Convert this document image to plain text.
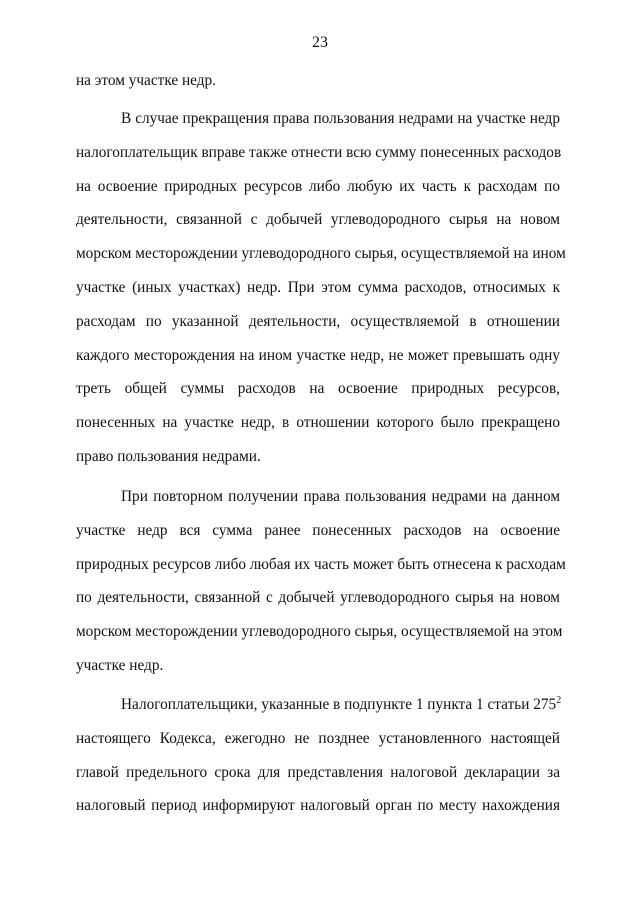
23
на этом участке недр.
В случае прекращения права пользования недрами на участке недр
налогоплательщик вправе также отнести всю сумму понесенных расходов
на освоение природных ресурсов либо любую их часть к расходам по
деятельности, связанной с добычей углеводородного сырья на новом
морском месторождении углеводородного сырья, осуществляемой на ином
участке (иных участках) недр. При этом сумма расходов, относимых к
расходам по указанной деятельности, осуществляемой в отношении
каждого месторождения на ином участке недр, не может превышать одну
треть общей суммы расходов на освоение природных ресурсов,
понесенных на участке недр, в отношении которого было прекращено
право пользования недрами.
При повторном получении права пользования недрами на данном
участке недр вся сумма ранее понесенных расходов на освоение
природных ресурсов либо любая их часть может быть отнесена к расходам
по деятельности, связанной с добычей углеводородного сырья на новом
морском месторождении углеводородного сырья, осуществляемой на этом
участке недр.
Налогоплательщики, указанные в подпункте 1 пункта 1 статьи $275^2$
настоящего Кодекса, ежегодно не позднее установленного настоящей
главой предельного срока для представления налоговой декларации за
налоговый период информируют налоговый орган по месту нахождения
